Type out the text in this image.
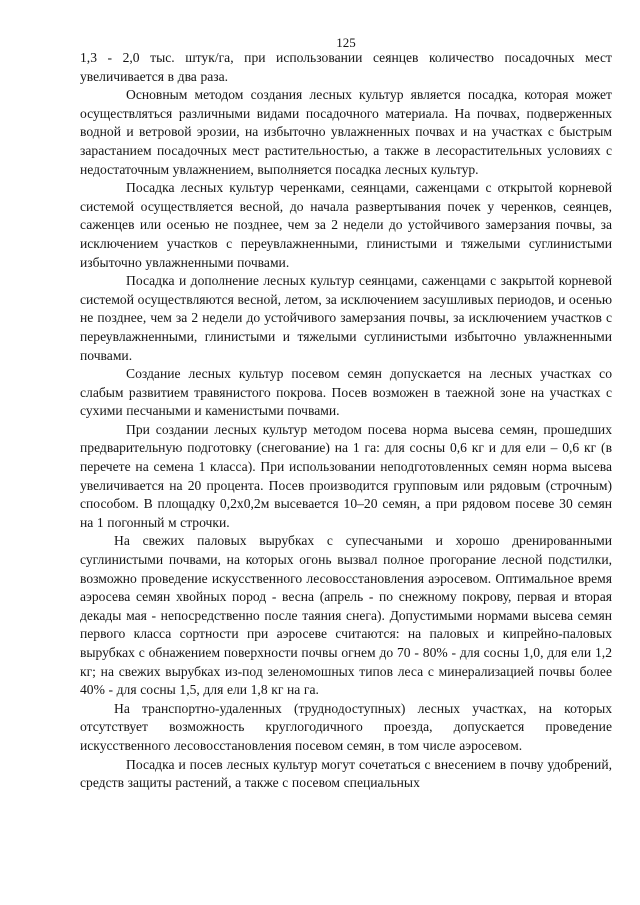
125

1,3 - 2,0 тыс. штук/га, при использовании сеянцев количество посадочных мест увеличивается в два раза.

Основным методом создания лесных культур является посадка, которая может осуществляться различными видами посадочного материала. На почвах, подверженных водной и ветровой эрозии, на избыточно увлажненных почвах и на участках с быстрым зарастанием посадочных мест растительностью, а также в лесорастительных условиях с недостаточным увлажнением, выполняется посадка лесных культур.

Посадка лесных культур черенками, сеянцами, саженцами с открытой корневой системой осуществляется весной, до начала развертывания почек у черенков, сеянцев, саженцев или осенью не позднее, чем за 2 недели до устойчивого замерзания почвы, за исключением участков с переувлажненными, глинистыми и тяжелыми суглинистыми избыточно увлажненными почвами.

Посадка и дополнение лесных культур сеянцами, саженцами с закрытой корневой системой осуществляются весной, летом, за исключением засушливых периодов, и осенью не позднее, чем за 2 недели до устойчивого замерзания почвы, за исключением участков с переувлажненными, глинистыми и тяжелыми суглинистыми избыточно увлажненными почвами.

Создание лесных культур посевом семян допускается на лесных участках со слабым развитием травянистого покрова. Посев возможен в таежной зоне на участках с сухими песчаными и каменистыми почвами.

При создании лесных культур методом посева норма высева семян, прошедших предварительную подготовку (снегование) на 1 га: для сосны 0,6 кг и для ели – 0,6 кг (в перечете на семена 1 класса). При использовании неподготовленных семян норма высева увеличивается на 20 процента. Посев производится групповым или рядовым (строчным) способом. В площадку 0,2х0,2м высевается 10–20 семян, а при рядовом посеве 30 семян на 1 погонный м строчки.

На свежих паловых вырубках с супесчаными и хорошо дренированными суглинистыми почвами, на которых огонь вызвал полное прогорание лесной подстилки, возможно проведение искусственного лесовосстановления аэросевом. Оптимальное время аэросева семян хвойных пород - весна (апрель - по снежному покрову, первая и вторая декады мая - непосредственно после таяния снега). Допустимыми нормами высева семян первого класса сортности при аэросеве считаются: на паловых и кипрейно-паловых вырубках с обнажением поверхности почвы огнем до 70 - 80% - для сосны 1,0, для ели 1,2 кг; на свежих вырубках из-под зеленомошных типов леса с минерализацией почвы более 40% - для сосны 1,5, для ели 1,8 кг на га.

На транспортно-удаленных (труднодоступных) лесных участках, на которых отсутствует возможность круглогодичного проезда, допускается проведение искусственного лесовосстановления посевом семян, в том числе аэросевом.

Посадка и посев лесных культур могут сочетаться с внесением в почву удобрений, средств защиты растений, а также с посевом специальных
